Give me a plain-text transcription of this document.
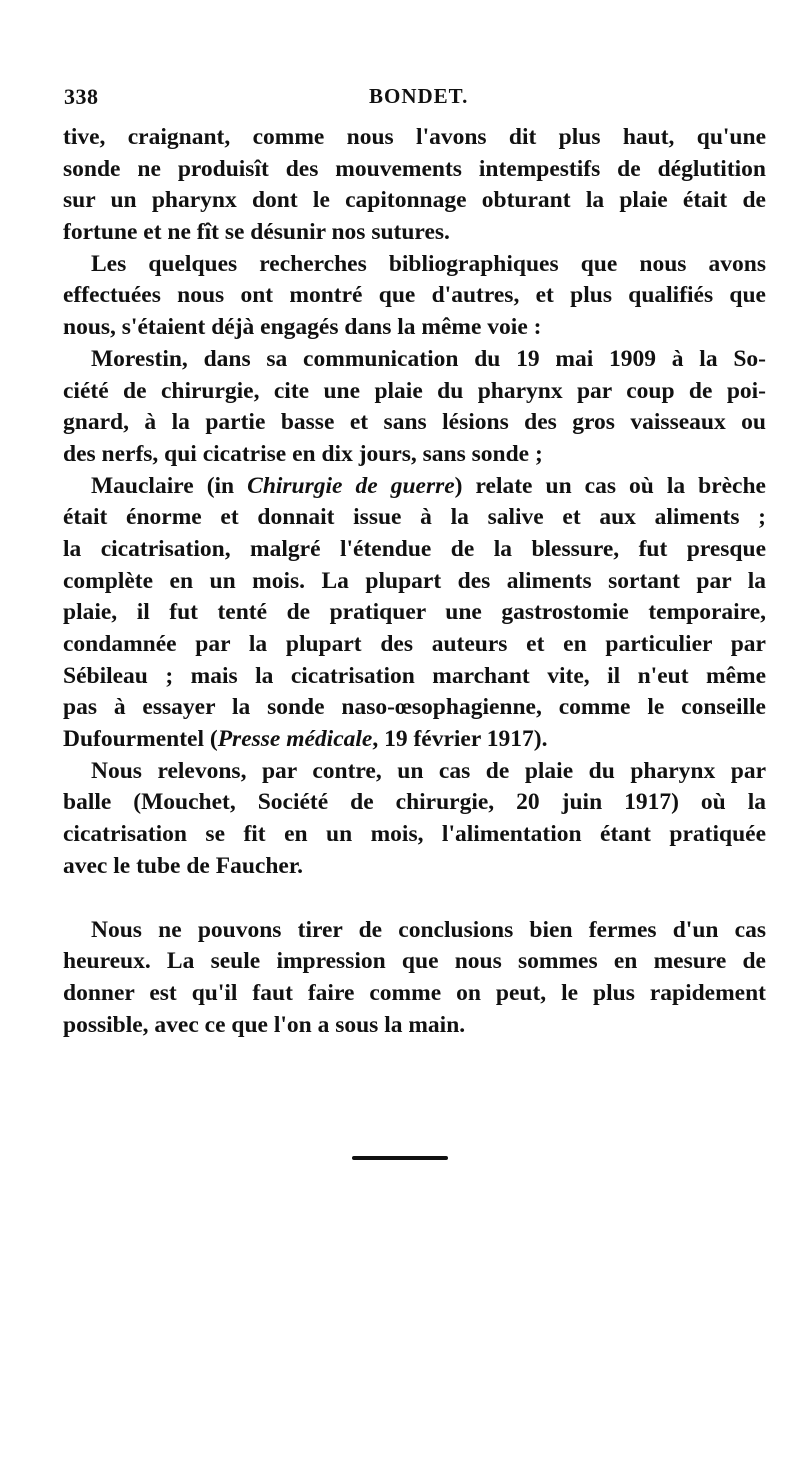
338	BONDET.
tive, craignant, comme nous l'avons dit plus haut, qu'une
sonde ne produisît des mouvements intempestifs de déglutition
sur un pharynx dont le capitonnage obturant la plaie était de
fortune et ne fît se désunir nos sutures.
Les quelques recherches bibliographiques que nous avons
effectuées nous ont montré que d'autres, et plus qualifiés que
nous, s'étaient déjà engagés dans la même voie :
Morestin, dans sa communication du 19 mai 1909 à la So-
ciété de chirurgie, cite une plaie du pharynx par coup de poi-
gnard, à la partie basse et sans lésions des gros vaisseaux ou
des nerfs, qui cicatrise en dix jours, sans sonde ;
Mauclaire (in Chirurgie de guerre) relate un cas où la brèche
était énorme et donnait issue à la salive et aux aliments ;
la cicatrisation, malgré l'étendue de la blessure, fut presque
complète en un mois. La plupart des aliments sortant par la
plaie, il fut tenté de pratiquer une gastrostomie temporaire,
condamnée par la plupart des auteurs et en particulier par
Sébileau ; mais la cicatrisation marchant vite, il n'eut même
pas à essayer la sonde naso-œsophagienne, comme le conseille
Dufourmentel (Presse médicale, 19 février 1917).
Nous relevons, par contre, un cas de plaie du pharynx par
balle (Mouchet, Société de chirurgie, 20 juin 1917) où la
cicatrisation se fit en un mois, l'alimentation étant pratiquée
avec le tube de Faucher.
Nous ne pouvons tirer de conclusions bien fermes d'un cas
heureux. La seule impression que nous sommes en mesure de
donner est qu'il faut faire comme on peut, le plus rapidement
possible, avec ce que l'on a sous la main.
